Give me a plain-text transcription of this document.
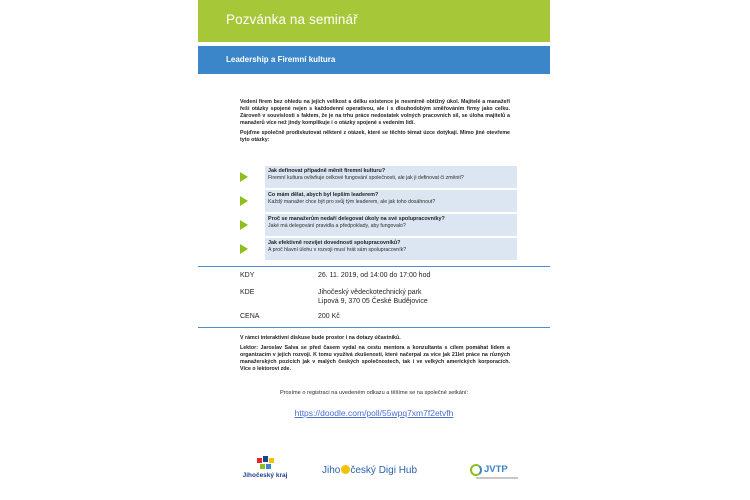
Pozvánka na seminář
Leadership a Firemní kultura

Vedení firem bez ohledu na jejich velikost a délku existence je nesmírně obtížný úkol. Majitelé a manažeři řeší otázky spojené nejen s každodenní operativou, ale i s dlouhodobým směřováním firmy jako celku. Zároveň v souvislosti s faktem, že je na trhu práce nedostatek volných pracovních sil, se úloha majitelů a manažerů více než jindy komplikuje i o otázky spojené s vedením lidí.

Pojďme společně prodiskutovat některé z otázek, které se těchto témat úzce dotýkají. Mimo jiné otevřeme tyto otázky:

Jak definovat případně měnit firemní kulturu?
Firemní kultura ovlivňuje celkové fungování společnosti, ale jak ji definovat či změnit?
Co mám dělat, abych byl lepším leaderem?
Každý manažer chce být pro svůj tým leaderem, ale jak toho dosáhnout?
Proč se manažerům nedaří delegovat úkoly na své spolupracovníky?
Jaké má delegování pravidla a předpoklady, aby fungovalo?
Jak efektivně rozvíjet dovednosti spolupracovníků?
A proč hlavní úlohu v rozvoji musí hrát sám spolupracovník?
KDY	26. 11. 2019, od 14:00 do 17:00 hod
KDE	Jihočeský vědeckotechnický park
Lipová 9, 370 05 České Budějovice
CENA	200 Kč

V rámci interaktivní diskuse bude prostor i na dotazy účastníků.

Lektor: Jaroslav Salva se před časem vydal na cestu mentora a konzultanta s cílem pomáhat lidem a organizacím v jejich rozvoji. K tomu využívá zkušenosti, které načerpal za více jak 21let práce na různých manažerských pozicích jak v malých českých společnostech, tak i ve velkých amerických korporacích. Více o lektorovi zde.

Prosíme o registraci na uvedeném odkazu a těšíme se na společné setkání:
https://doodle.com/poll/55wpq7xm7f2etvfh
Jihočeský kraj	Jiho český Digi Hub	JVTP
